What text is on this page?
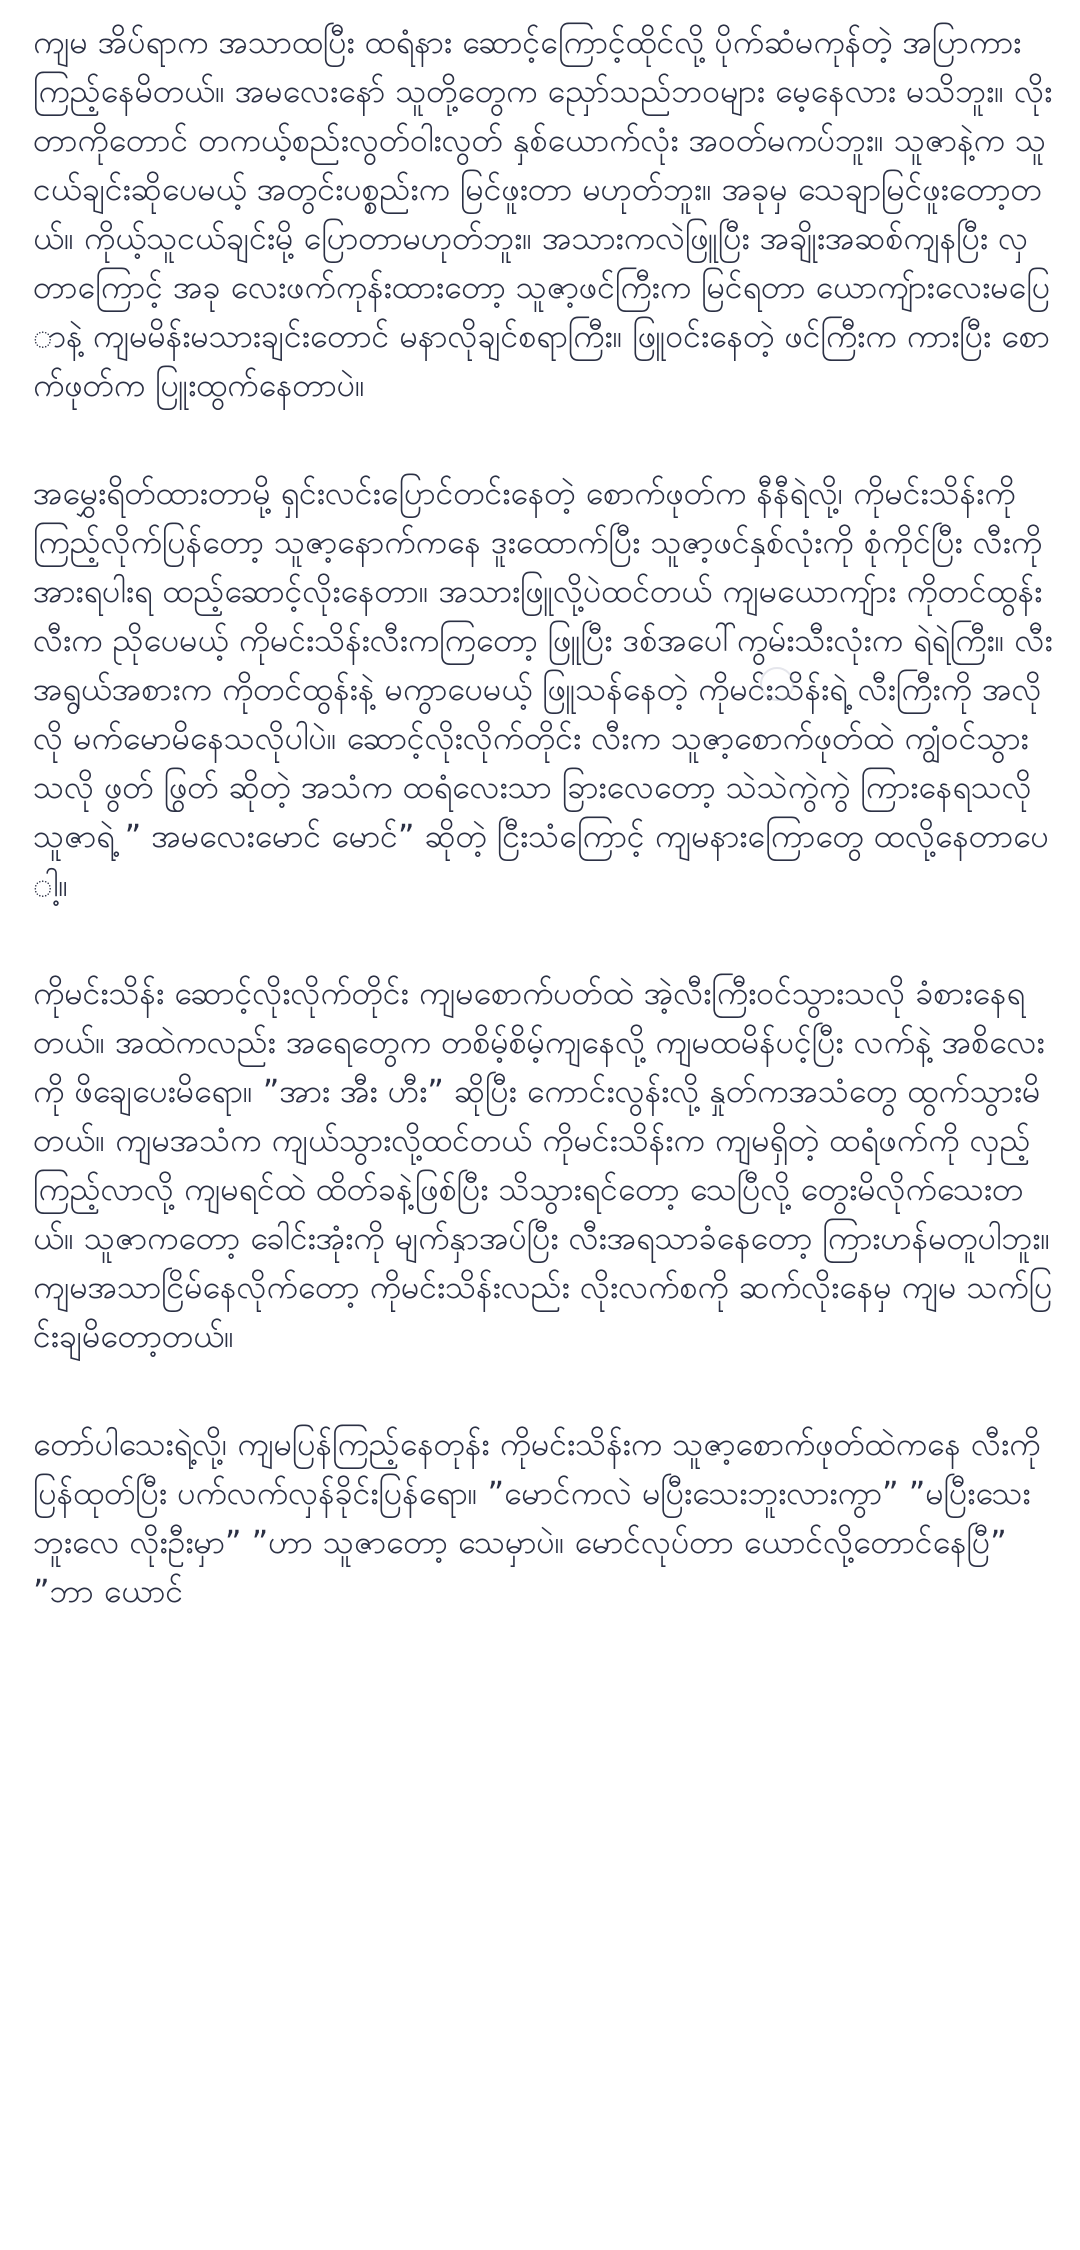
ကျမ အိပ်ရာက အသာထပြီး ထရံနား ဆောင့်ကြောင့်ထိုင်လို့ ပိုက်ဆံမကုန်တဲ့ အပြာကား ကြည့်နေမိတယ်။ အမလေးနော် သူတို့တွေက ညှော်သည်ဘဝများ မေ့နေလား မသိဘူး။ လိုးတာကိုတောင် တကယ့်စည်းလွတ်ဝါးလွတ် နှစ်ယောက်လုံး အဝတ်မကပ်ဘူး။ သူဇာနဲ့က သူငယ်ချင်းဆိုပေမယ့် အတွင်းပစ္စည်းက မြင်ဖူးတာ မဟုတ်ဘူး။ အခုမှ သေချာမြင်ဖူးတော့တယ်။ ကိုယ့်သူငယ်ချင်းမို့ ပြောတာမဟုတ်ဘူး။ အသားကလဲဖြူပြီး အချိုးအဆစ်ကျနပြီး လှတာကြောင့် အခု လေးဖက်ကုန်းထားတော့ သူဇာ့ဖင်ကြီးက မြင်ရတာ ယောကျ်ားလေးမပြောနဲ့ ကျမမိန်းမသားချင်းတောင် မနာလိုချင်စရာကြီး။ ဖြူဝင်းနေတဲ့ ဖင်ကြီးက ကားပြီး စောက်ဖုတ်က ပြူးထွက်နေတာပဲ။

အမွှေးရိတ်ထားတာမို့ ရှင်းလင်းပြောင်တင်းနေတဲ့ စောက်ဖုတ်က နီနီရဲလို့၊ ကိုမင်းသိန်းကို ကြည့်လိုက်ပြန်တော့ သူဇာ့နောက်ကနေ ဒူးထောက်ပြီး သူဇာ့ဖင်နှစ်လုံးကို စုံကိုင်ပြီး လီးကို အားရပါးရ ထည့်ဆောင့်လိုးနေတာ။ အသားဖြူလို့ပဲထင်တယ် ကျမယောကျ်ား ကိုတင်ထွန်းလီးက ညိုပေမယ့် ကိုမင်းသိန်းလီးကကြတော့ ဖြူပြီး ဒစ်အပေါ်ကွမ်းသီးလုံးက ရဲရဲကြီး။ လီးအရွယ်အစားက ကိုတင်ထွန်းနဲ့ မကွာပေမယ့် ဖြူသန်နေတဲ့ ကိုမင်းသိန်းရဲ့ လီးကြီးကို အလိုလို မက်မောမိနေသလိုပါပဲ။ ဆောင့်လိုးလိုက်တိုင်း လီးက သူဇာ့စောက်ဖုတ်ထဲ ကျွံဝင်သွားသလို ဖွတ် ဖြွတ် ဆိုတဲ့ အသံက ထရံလေးသာ ခြားလေတော့ သဲသဲကွဲကွဲ ကြားနေရသလို သူဇာရဲ့ ” အမလေးမောင် မောင်” ဆိုတဲ့ ငြီးသံကြောင့် ကျမနားကြောတွေ ထလို့နေတာပေါ့။

ကိုမင်းသိန်း ဆောင့်လိုးလိုက်တိုင်း ကျမစောက်ပတ်ထဲ အဲ့လီးကြီးဝင်သွားသလို ခံစားနေရတယ်။ အထဲကလည်း အရေတွေက တစိမ့်စိမ့်ကျနေလို့ ကျမထမိန်ပင့်ပြီး လက်နဲ့ အစိလေးကို ဖိချေပေးမိရော။ ”အား အီး ဟီး” ဆိုပြီး ကောင်းလွန်းလို့ နှုတ်ကအသံတွေ ထွက်သွားမိတယ်။ ကျမအသံက ကျယ်သွားလို့ထင်တယ် ကိုမင်းသိန်းက ကျမရှိတဲ့ ထရံဖက်ကို လှည့်ကြည့်လာလို့ ကျမရင်ထဲ ထိတ်ခနဲ့ဖြစ်ပြီး သိသွားရင်တော့ သေပြီလို့ တွေးမိလိုက်သေးတယ်။ သူဇာကတော့ ခေါင်းအုံးကို မျက်နှာအပ်ပြီး လီးအရသာခံနေတော့ ကြားဟန်မတူပါဘူး။ ကျမအသာငြိမ်နေလိုက်တော့ ကိုမင်းသိန်းလည်း လိုးလက်စကို ဆက်လိုးနေမှ ကျမ သက်ပြင်းချမိတော့တယ်။

တော်ပါသေးရဲ့လို့၊ ကျမပြန်ကြည့်နေတုန်း ကိုမင်းသိန်းက သူဇာ့စောက်ဖုတ်ထဲကနေ လီးကိုပြန်ထုတ်ပြီး ပက်လက်လှန်ခိုင်းပြန်ရော။ ”မောင်ကလဲ မပြီးသေးဘူးလားကွာ” ”မပြီးသေးဘူးလေ လိုးဦးမှာ” ”ဟာ သူဇာတော့ သေမှာပဲ။ မောင်လုပ်တာ ယောင်လို့တောင်နေပြီ” ”ဘာ ယောင်
